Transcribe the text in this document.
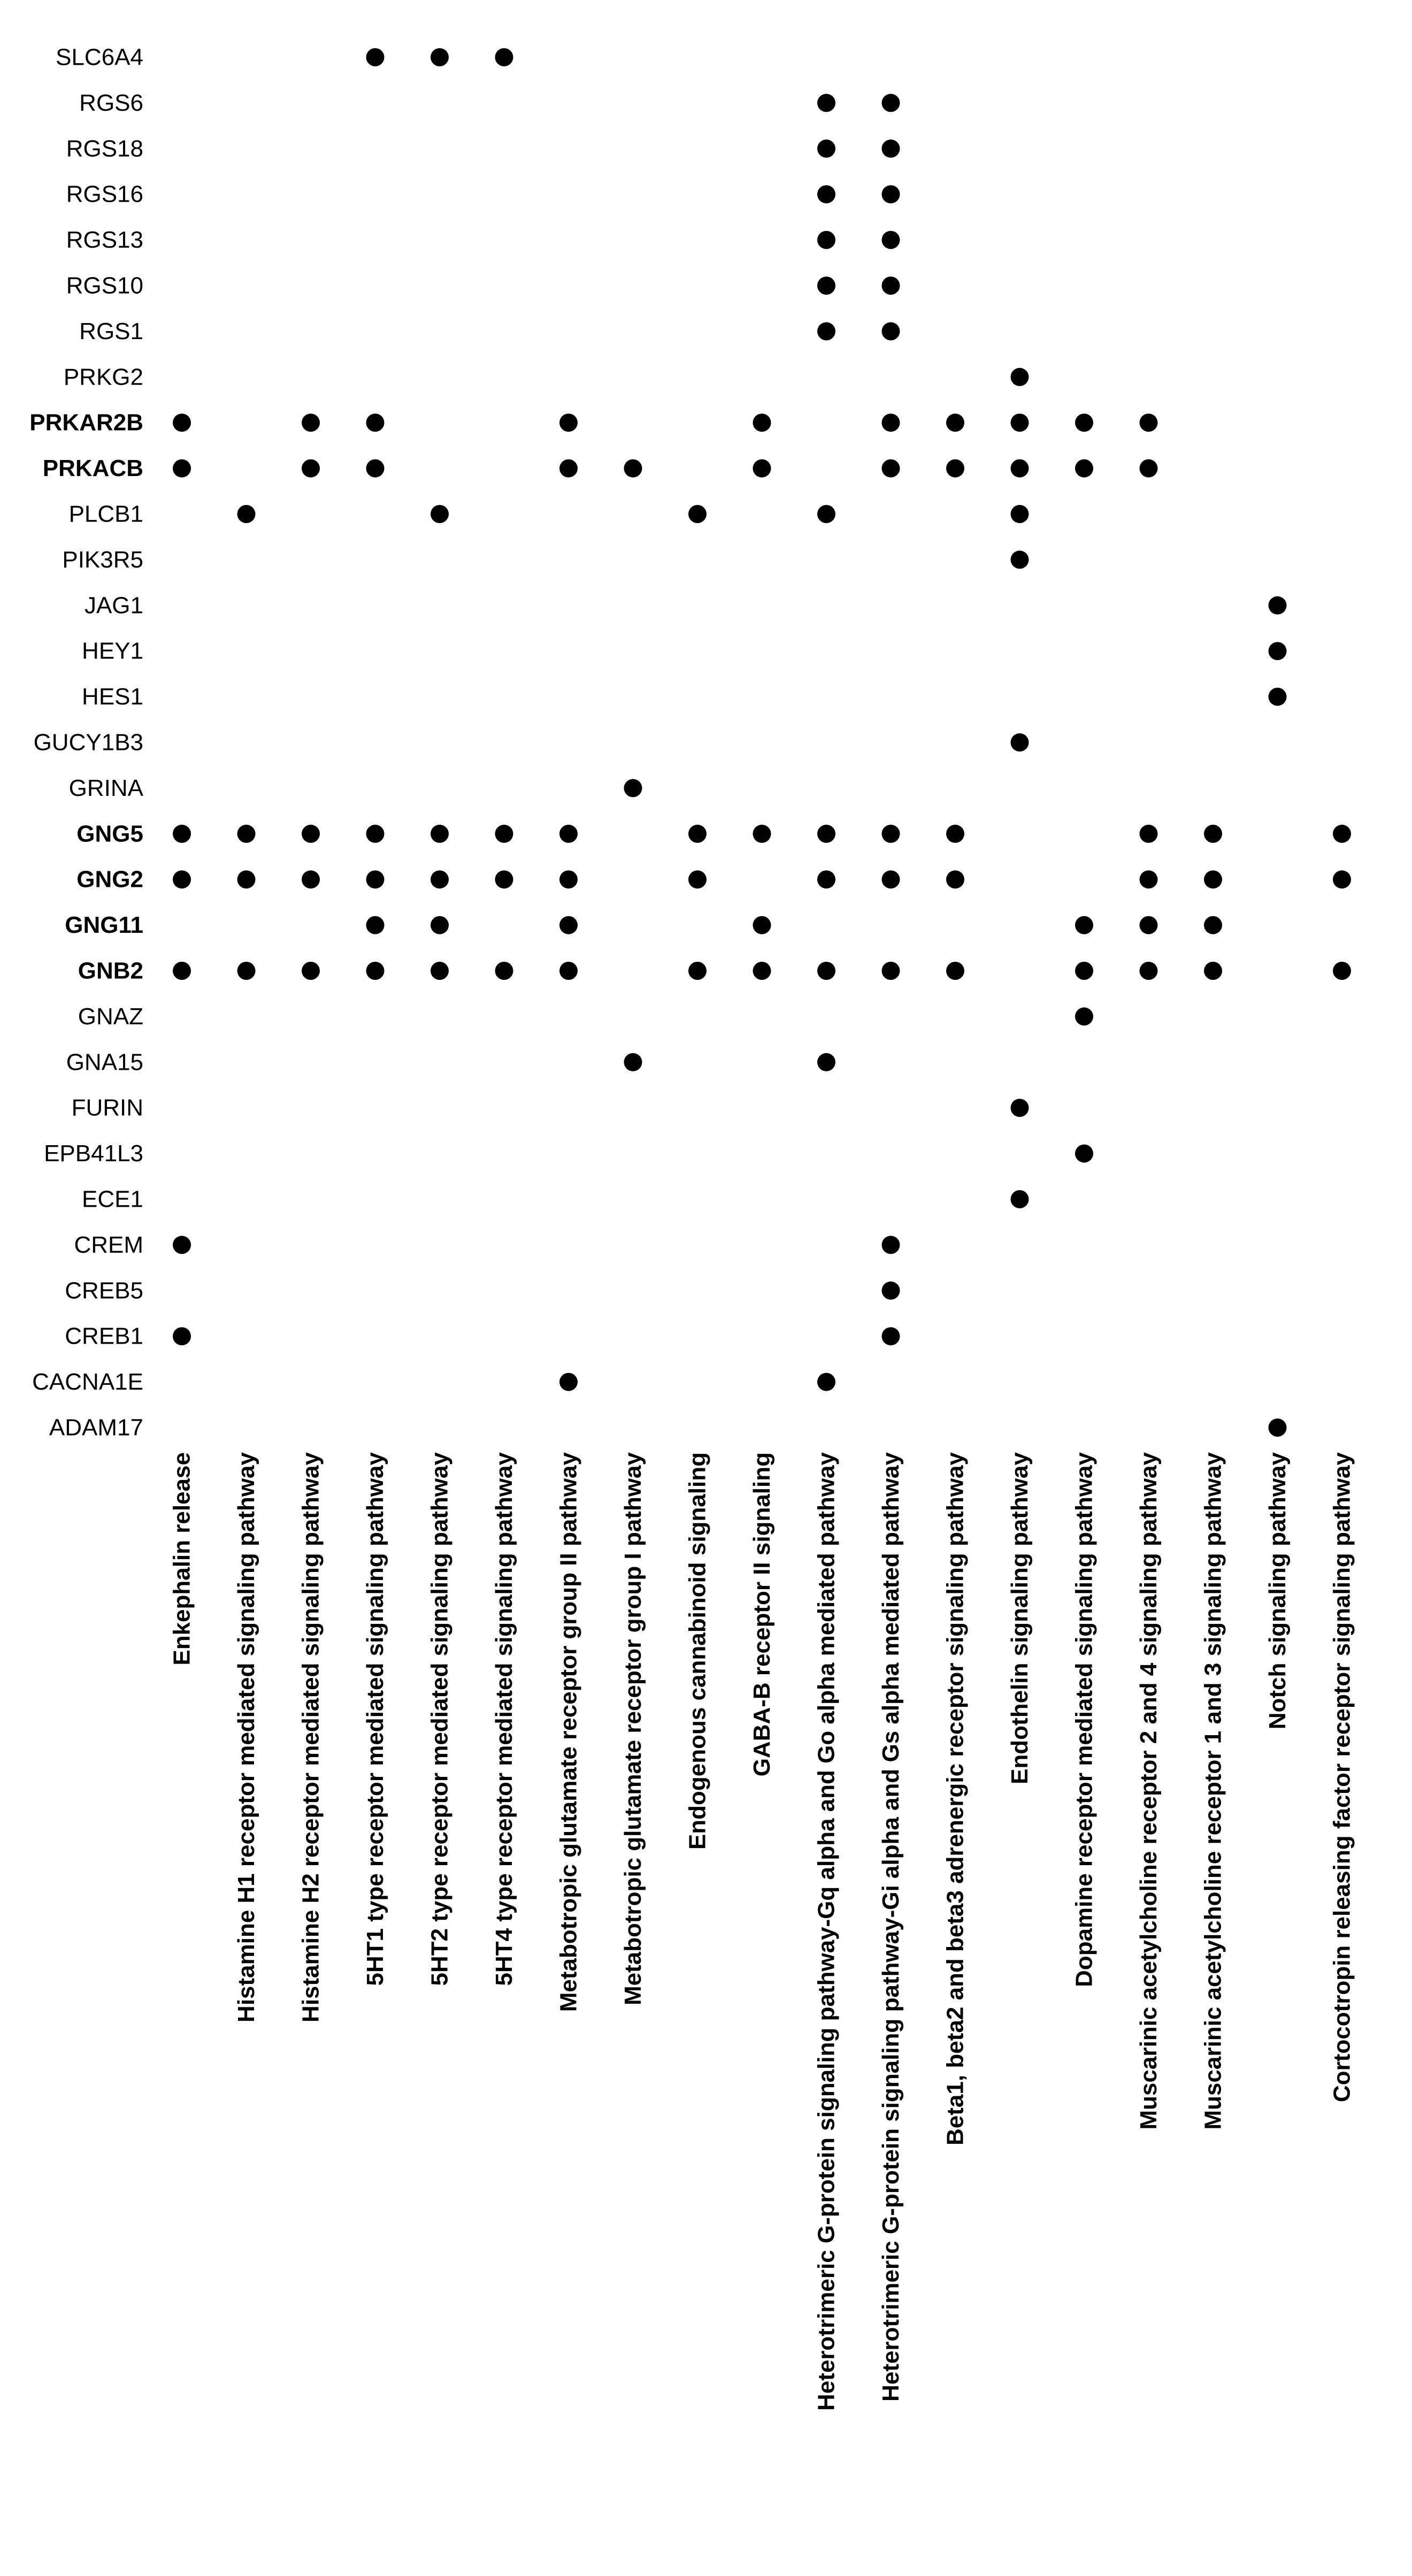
SLC6A4
RGS6
RGS18
RGS16
RGS13
RGS10
RGS1
PRKG2
PRKAR2B
PRKACB
PLCB1
PIK3R5
JAG1
HEY1
HES1
GUCY1B3
GRINA
GNG5
GNG2
GNG11
GNB2
GNAZ
GNA15
FURIN
EPB41L3
ECE1
CREM
CREB5
CREB1
CACNA1E
ADAM17
Enkephalin release Histamine H1 receptor mediated signaling pathway Histamine H2 receptor mediated signaling pathway 5HT1 type receptor mediated signaling pathway 5HT2 type receptor mediated signaling pathway 5HT4 type receptor mediated signaling pathway Metabotropic glutamate receptor group II pathway Metabotropic glutamate receptor group I pathway Endogenous cannabinoid signaling GABA-B receptor II signaling Heterotrimeric G-protein signaling pathway-Gq alpha and Go alpha mediated pathway Heterotrimeric G-protein signaling pathway-Gi alpha and Gs alpha mediated pathway Beta1, beta2 and beta3 adrenergic receptor signaling pathway Endothelin signaling pathway Dopamine receptor mediated signaling pathway Muscarinic acetylcholine receptor 2 and 4 signaling pathway Muscarinic acetylcholine receptor 1 and 3 signaling pathway Notch signaling pathway Cortocotropin releasing factor receptor signaling pathway
